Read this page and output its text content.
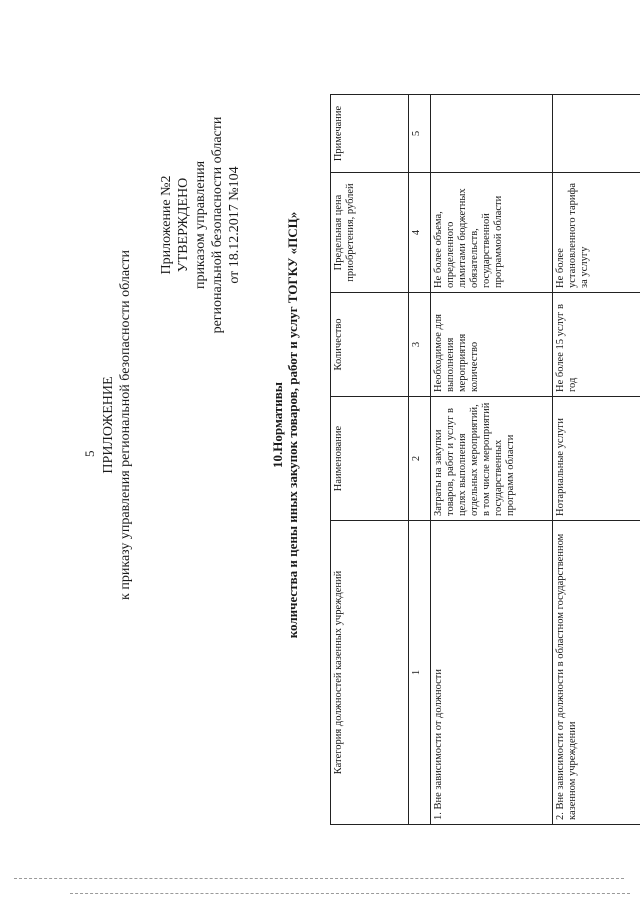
5 ПРИЛОЖЕНИЕ к приказу управления региональной безопасности области
Приложение №2 УТВЕРЖДЕНО приказом управления региональной безопасности области от 18.12.2017 №104
10.Нормативы количества и цены иных закупок товаров, работ и услуг ТОГКУ «ПСЦ»
Категория должностей казенных учреждений	Наименование	Количество	Предельная цена приобретения, рублей	Примечание
1	2	3	4	5
1. Вне зависимости от должности	Затраты на закупки товаров, работ и услуг в целях выполнения отдельных мероприятий, в том числе мероприятий государственных программ области	Необходимое для выполнения мероприятия количество	Не более объема, определенного лимитами бюджетных обязательств, государственной программой области	
2. Вне зависимости от должности в областном государственном казенном учреждении	Нотариальные услуги	Не более 15 услуг в год	Не более установленного тарифа за услугу	
